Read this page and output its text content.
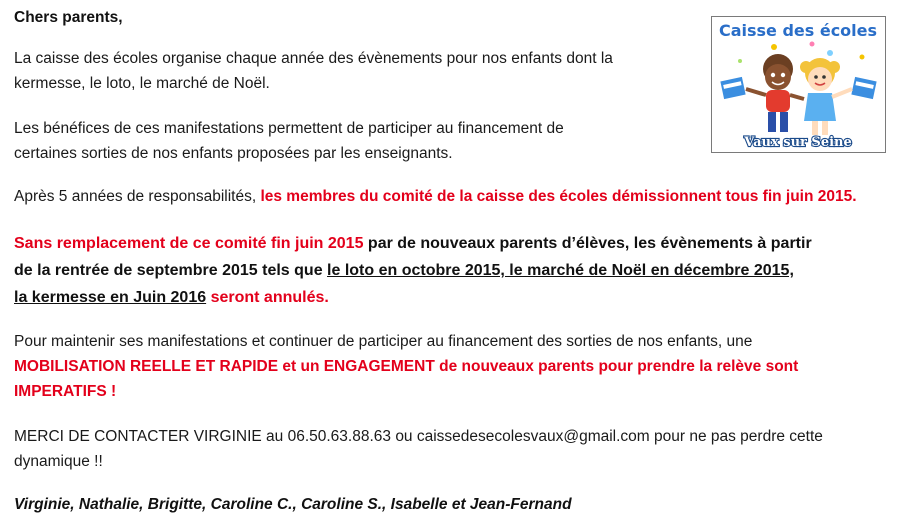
Chers parents,

La caisse des écoles organise chaque année des évènements pour nos enfants dont la
kermesse, le loto, le marché de Noël.

Les bénéfices de ces manifestations permettent de participer au financement de
certaines sorties de nos enfants proposées par les enseignants.

Après 5 années de responsabilités, les membres du comité de la caisse des écoles démissionnent tous fin juin 2015.

Sans remplacement de ce comité fin juin 2015 par de nouveaux parents d’élèves, les évènements à partir
de la rentrée de septembre 2015 tels que le loto en octobre 2015, le marché de Noël en décembre 2015,
la kermesse en Juin 2016 seront annulés.

Pour maintenir ses manifestations et continuer de participer au financement des sorties de nos enfants, une
MOBILISATION REELLE ET RAPIDE et un ENGAGEMENT de nouveaux parents pour prendre la relève sont
IMPERATIFS !

MERCI DE CONTACTER VIRGINIE au 06.50.63.88.63 ou caissedesecolesvaux@gmail.com pour ne pas perdre cette
dynamique !!

Virginie, Nathalie, Brigitte, Caroline C., Caroline S., Isabelle et Jean-Fernand

Caisse des écoles
Vaux sur Seine
